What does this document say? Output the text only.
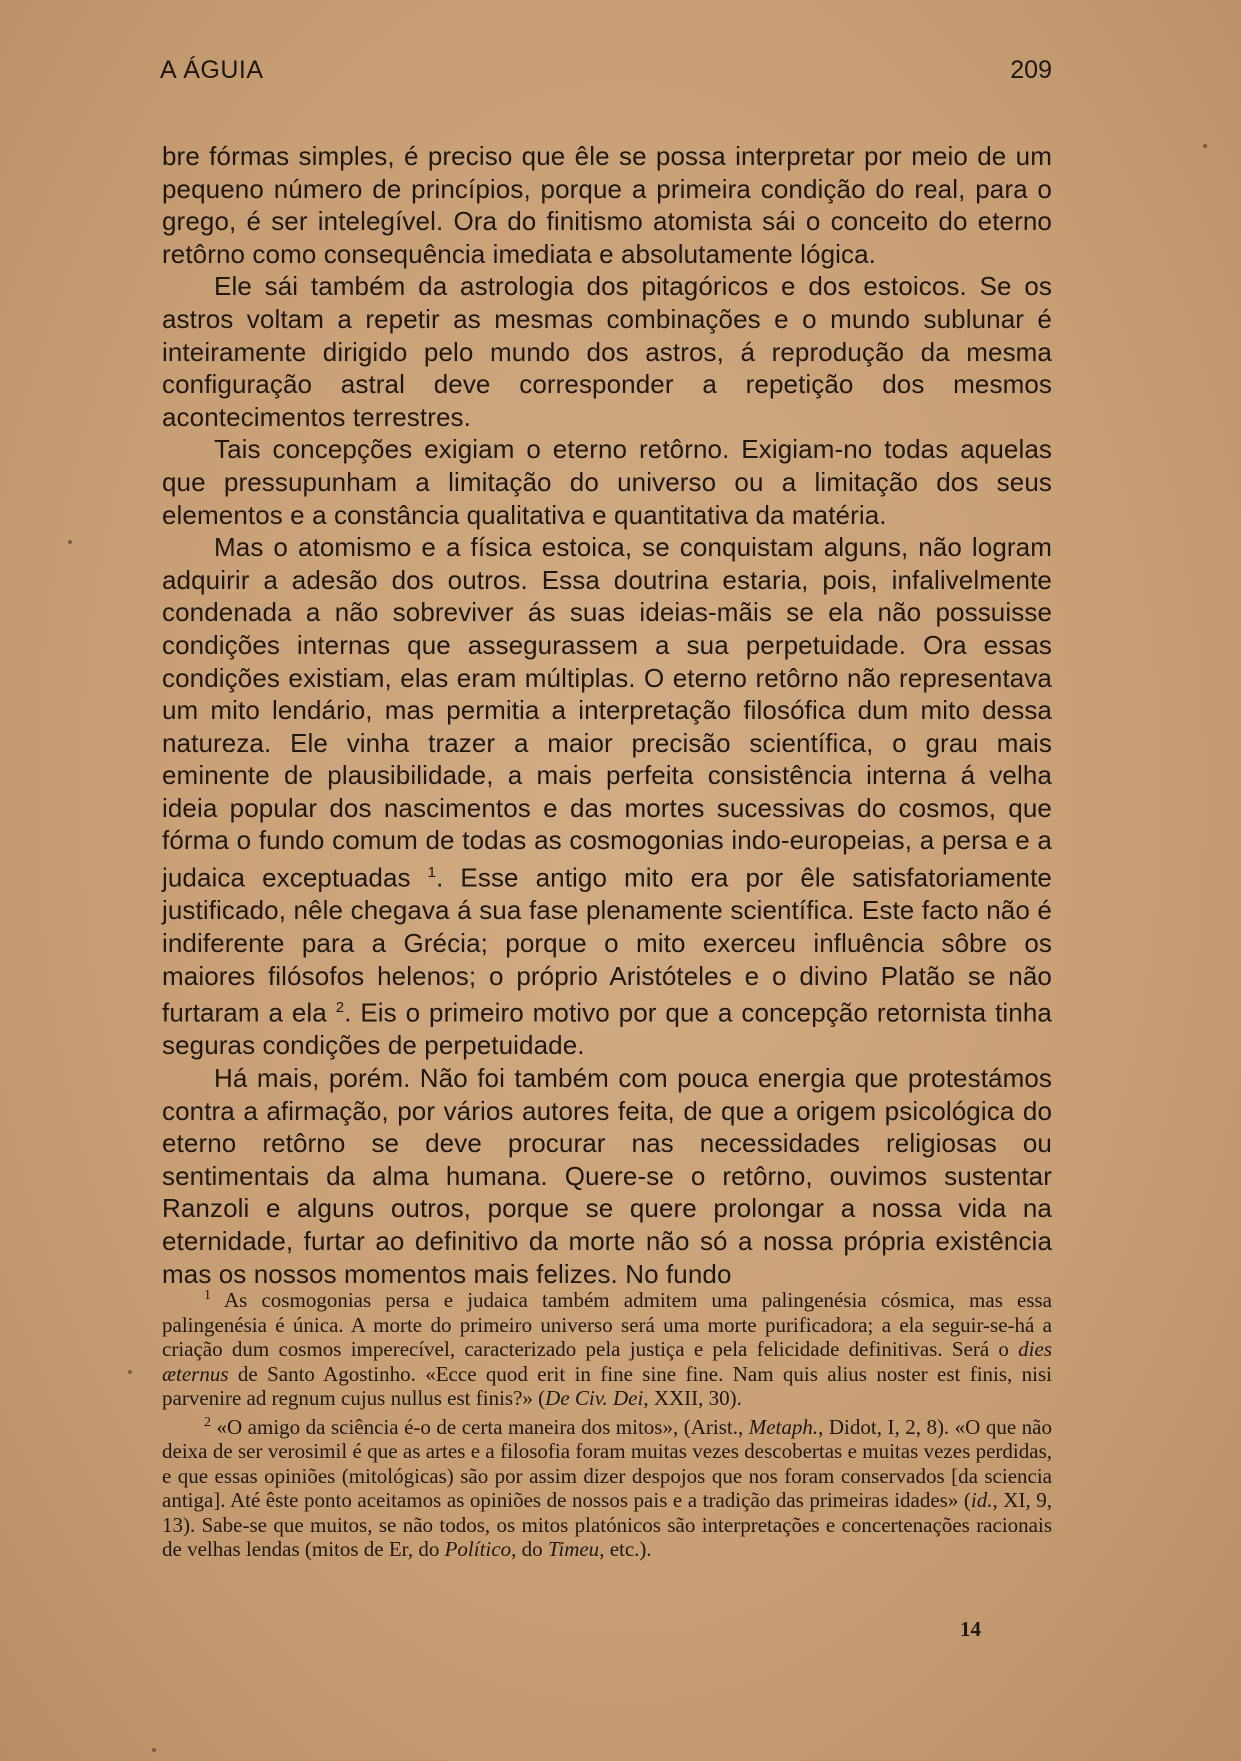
A ÁGUIA	209

bre fórmas simples, é preciso que êle se possa interpretar por meio de um pequeno número de princípios, porque a primeira condição do real, para o grego, é ser intelegível. Ora do finitismo atomista sái o conceito do eterno retôrno como consequência imediata e absolutamente lógica.

Ele sái também da astrologia dos pitagóricos e dos estoicos. Se os astros voltam a repetir as mesmas combinações e o mundo sublunar é inteiramente dirigido pelo mundo dos astros, á reprodução da mesma configuração astral deve corresponder a repetição dos mesmos acontecimentos terrestres.

Tais concepções exigiam o eterno retôrno. Exigiam-no todas aquelas que pressupunham a limitação do universo ou a limitação dos seus elementos e a constância qualitativa e quantitativa da matéria.

Mas o atomismo e a física estoica, se conquistam alguns, não logram adquirir a adesão dos outros. Essa doutrina estaria, pois, infalivelmente condenada a não sobreviver ás suas ideias-mãis se ela não possuisse condições internas que assegurassem a sua perpetuidade. Ora essas condições existiam, elas eram múltiplas. O eterno retôrno não representava um mito lendário, mas permitia a interpretação filosófica dum mito dessa natureza. Ele vinha trazer a maior precisão scientífica, o grau mais eminente de plausibilidade, a mais perfeita consistência interna á velha ideia popular dos nascimentos e das mortes sucessivas do cosmos, que fórma o fundo comum de todas as cosmogonias indo-europeias, a persa e a judaica exceptuadas $^1$. Esse antigo mito era por êle satisfatoriamente justificado, nêle chegava á sua fase plenamente scientífica. Este facto não é indiferente para a Grécia; porque o mito exerceu influência sôbre os maiores filósofos helenos; o próprio Aristóteles e o divino Platão se não furtaram a ela $^2$. Eis o primeiro motivo por que a concepção retornista tinha seguras condições de perpetuidade.

Há mais, porém. Não foi também com pouca energia que protestámos contra a afirmação, por vários autores feita, de que a origem psicológica do eterno retôrno se deve procurar nas necessidades religiosas ou sentimentais da alma humana. Quere-se o retôrno, ouvimos sustentar Ranzoli e alguns outros, porque se quere prolongar a nossa vida na eternidade, furtar ao definitivo da morte não só a nossa própria existência mas os nossos momentos mais felizes. No fundo

$^1$ As cosmogonias persa e judaica também admitem uma palingenésia cósmica, mas essa palingenésia é única. A morte do primeiro universo será uma morte purificadora; a ela seguir-se-há a criação dum cosmos imperecível, caracterizado pela justiça e pela felicidade definitivas. Será o dies æternus de Santo Agostinho. «Ecce quod erit in fine sine fine. Nam quis alius noster est finis, nisi parvenire ad regnum cujus nullus est finis?» (De Civ. Dei, XXII, 30).

$^2$ «O amigo da sciência é-o de certa maneira dos mitos», (Arist., Metaph., Didot, I, 2, 8). «O que não deixa de ser verosimil é que as artes e a filosofia foram muitas vezes descobertas e muitas vezes perdidas, e que essas opiniões (mitológicas) são por assim dizer despojos que nos foram conservados [da sciencia antiga]. Até êste ponto aceitamos as opiniões de nossos pais e a tradição das primeiras idades» (id., XI, 9, 13). Sabe-se que muitos, se não todos, os mitos platónicos são interpretações e concertenações racionais de velhas lendas (mitos de Er, do Político, do Timeu, etc.).

14
